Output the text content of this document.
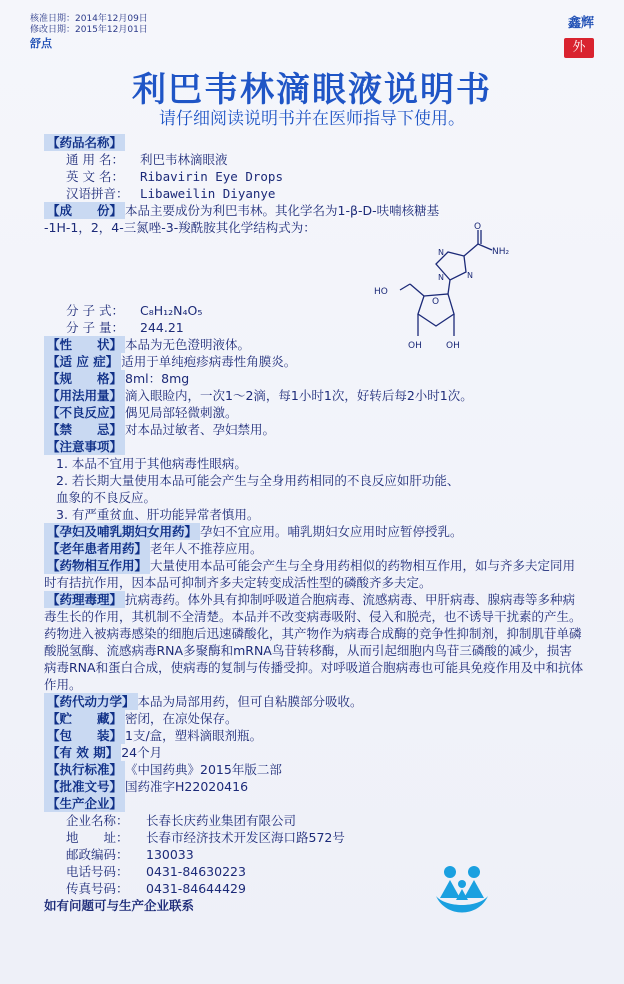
核准日期：2014年12月09日
修改日期：2015年12月01日
舒点
鑫辉
外
利巴韦林滴眼液说明书
请仔细阅读说明书并在医师指导下使用。
【药品名称】
通 用 名： 利巴韦林滴眼液
英 文 名： Ribavirin Eye Drops
汉语拼音： Libaweilin Diyanye
【成　　份】 本品主要成份为利巴韦林。其化学名为1-β-D-呋喃核糖基
-1H-1，2，4-三氮唑-3-羧酰胺其化学结构式为：
分 子 式： C₈H₁₂N₄O₅
分 子 量： 244.21
【性　　状】 本品为无色澄明液体。
【适 应 症】 适用于单纯疱疹病毒性角膜炎。
【规　　格】 8ml：8mg
【用法用量】 滴入眼睑内，一次1～2滴，每1小时1次，好转后每2小时1次。
【不良反应】 偶见局部轻微刺激。
【禁　　忌】 对本品过敏者、孕妇禁用。
【注意事项】
1. 本品不宜用于其他病毒性眼病。
2. 若长期大量使用本品可能会产生与全身用药相同的不良反应如肝功能、
血象的不良反应。
3. 有严重贫血、肝功能异常者慎用。
【孕妇及哺乳期妇女用药】 孕妇不宜应用。哺乳期妇女应用时应暂停授乳。
【老年患者用药】 老年人不推荐应用。
【药物相互作用】 大量使用本品可能会产生与全身用药相似的药物相互作用，如与齐多夫定同用时有拮抗作用，因本品可抑制齐多夫定转变成活性型的磷酸齐多夫定。
【药理毒理】 抗病毒药。体外具有抑制呼吸道合胞病毒、流感病毒、甲肝病毒、腺病毒等多种病毒生长的作用，其机制不全清楚。本品并不改变病毒吸附、侵入和脱壳，也不诱导干扰素的产生。药物进入被病毒感染的细胞后迅速磷酸化，其产物作为病毒合成酶的竞争性抑制剂，抑制肌苷单磷酸脱氢酶、流感病毒RNA多聚酶和mRNA鸟苷转移酶，从而引起细胞内鸟苷三磷酸的减少，损害病毒RNA和蛋白合成，使病毒的复制与传播受抑。对呼吸道合胞病毒也可能具免疫作用及中和抗体作用。
【药代动力学】 本品为局部用药，但可自粘膜部分吸收。
【贮　　藏】 密闭，在凉处保存。
【包　　装】 1支/盒，塑料滴眼剂瓶。
【有 效 期】 24个月
【执行标准】 《中国药典》2015年版二部
【批准文号】 国药准字H22020416
【生产企业】
企业名称： 长春长庆药业集团有限公司
地　　址： 长春市经济技术开发区海口路572号
邮政编码： 130033
电话号码： 0431-84630223
传真号码： 0431-84644429
如有问题可与生产企业联系
O
NH₂
HO
O
OH	OH
N
N
N
